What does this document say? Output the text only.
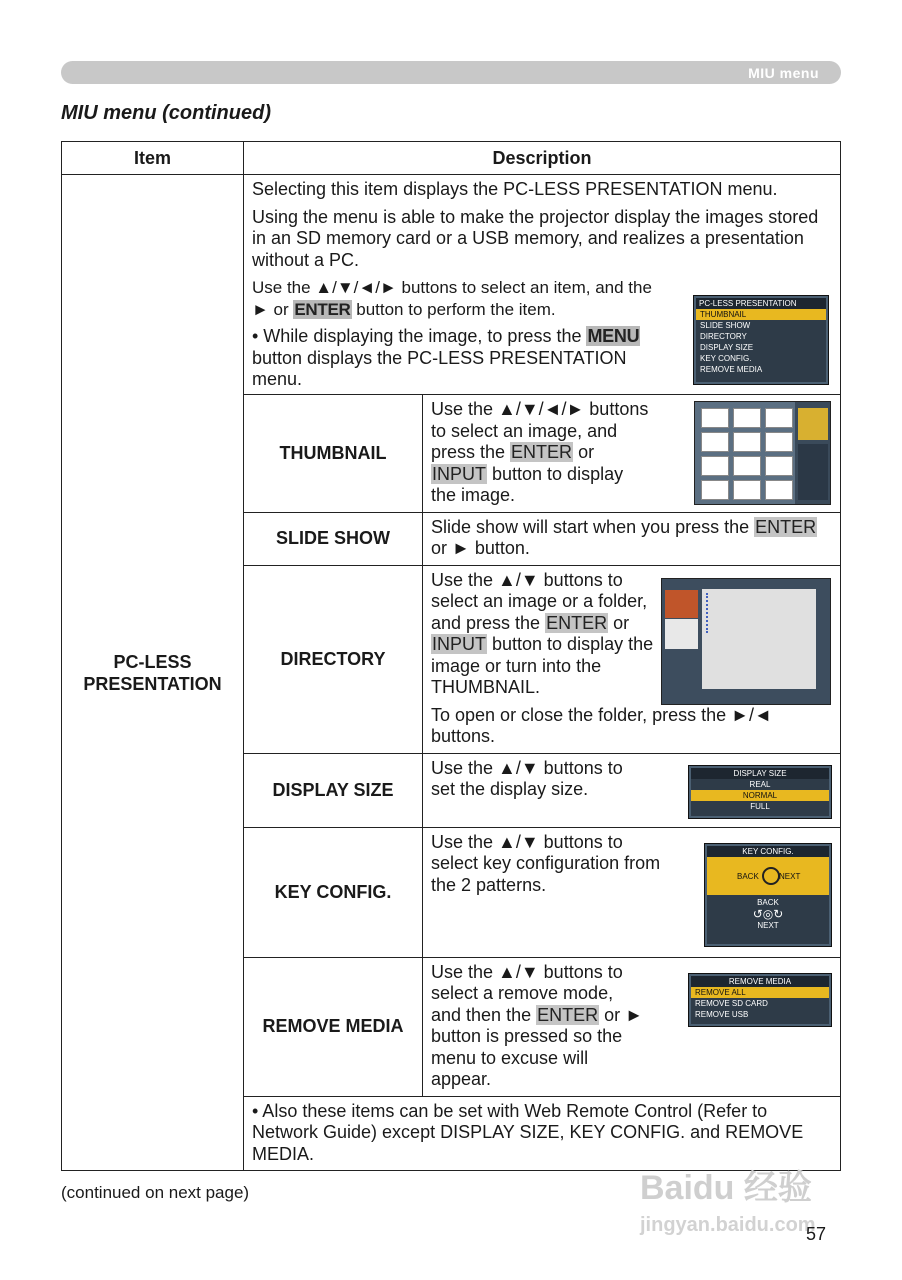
MIU menu
MIU menu (continued)
Item	Description
PC-LESS
PRESENTATION	

Selecting this item displays the PC-LESS PRESENTATION menu.

Using the menu is able to make the projector display the images stored in an SD memory card or a USB memory, and realizes a presentation without a PC.

Use the ▲/▼/◄/► buttons to select an item, and the ► or ENTER button to perform the item.

• While displaying the image, to press the MENU button displays the PC-LESS PRESENTATION menu.

PC-LESS PRESENTATION
THUMBNAIL
SLIDE SHOW
DIRECTORY
DISPLAY SIZE
KEY CONFIG.
REMOVE MEDIA
THUMBNAIL	
Use the ▲/▼/◄/► buttons to select an image, and press the ENTER or INPUT button to display the image.

SLIDE SHOW	
Slide show will start when you press the ENTER or ► button.

DIRECTORY	
Use the ▲/▼ buttons to select an image or a folder, and press the ENTER or INPUT button to display the image or turn into the THUMBNAIL.
To open or close the folder, press the ►/◄ buttons.

DISPLAY SIZE	
Use the ▲/▼ buttons to set the display size.
DISPLAY SIZE
REAL
NORMAL
FULL

KEY CONFIG.	
Use the ▲/▼ buttons to select key configuration from the 2 patterns.
KEY CONFIG.
BACK	NEXT
BACK
↺◎↻
NEXT

REMOVE MEDIA	
Use the ▲/▼ buttons to select a remove mode, and then the ENTER or ► button is pressed so the menu to excuse will appear.
REMOVE MEDIA
REMOVE ALL
REMOVE SD CARD
REMOVE USB

• Also these items can be set with Web Remote Control (Refer to Network Guide) except DISPLAY SIZE, KEY CONFIG. and REMOVE MEDIA.
(continued on next page)	Baidu 经验
jingyan.baidu.com
57
